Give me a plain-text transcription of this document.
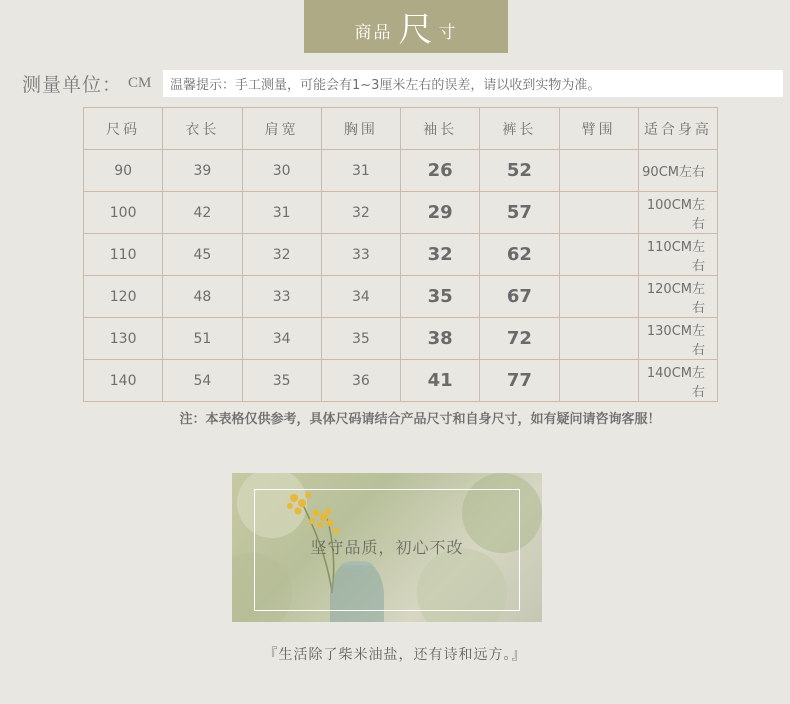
商品 尺 寸
测量单位： CM	温馨提示：手工测量，可能会有1~3厘米左右的误差，请以收到实物为准。
尺码	衣长	肩宽	胸围	袖长	裤长	臂围	适合身高
90	39	30	31	26	52		90CM左右
100	42	31	32	29	57		100CM左右
110	45	32	33	32	62		110CM左右
120	48	33	34	35	67		120CM左右
130	51	34	35	38	72		130CM左右
140	54	35	36	41	77		140CM左右
注：本表格仅供参考，具体尺码请结合产品尺寸和自身尺寸，如有疑问请咨询客服！
坚守品质，初心不改
『生活除了柴米油盐，还有诗和远方。』
